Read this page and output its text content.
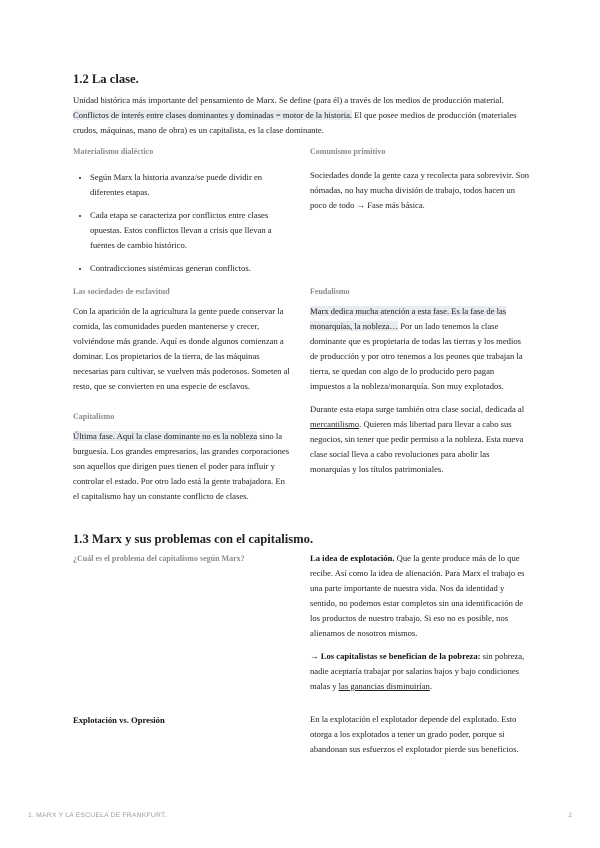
1.2 La clase.
Unidad histórica más importante del pensamiento de Marx. Se define (para él) a través de los medios de producción material. Conflictos de interés entre clases dominantes y dominadas = motor de la historia. El que posee medios de producción (materiales crudos, máquinas, mano de obra) es un capitalista, es la clase dominante.
Materialismo dialéctico
• Según Marx la historia avanza/se puede dividir en diferentes etapas.
• Cada etapa se caracteriza por conflictos entre clases opuestas. Estos conflictos llevan a crisis que llevan a fuentes de cambio histórico.
• Contradicciones sistémicas generan conflictos.
Comunismo primitivo
Sociedades donde la gente caza y recolecta para sobrevivir. Son nómadas, no hay mucha división de trabajo, todos hacen un poco de todo → Fase más básica.
Las sociedades de esclavitud
Con la aparición de la agricultura la gente puede conservar la comida, las comunidades pueden mantenerse y crecer, volviéndose más grande. Aquí es donde algunos comienzan a dominar. Los propietarios de la tierra, de las máquinas necesarias para cultivar, se vuelven más poderosos. Someten al resto, que se convierten en una especie de esclavos.
Feudalismo
Marx dedica mucha atención a esta fase. Es la fase de las monarquías, la nobleza… Por un lado tenemos la clase dominante que es propietaria de todas las tierras y los medios de producción y por otro tenemos a los peones que trabajan la tierra, se quedan con algo de lo producido pero pagan impuestos a la nobleza/monarquía. Son muy explotados.
Durante esta etapa surge también otra clase social, dedicada al mercantilismo. Quieren más libertad para llevar a cabo sus negocios, sin tener que pedir permiso a la nobleza. Esta nueva clase social lleva a cabo revoluciones para abolir las monarquías y los títulos patrimoniales.
Capitalismo
Última fase. Aquí la clase dominante no es la nobleza sino la burguesía. Los grandes empresarios, las grandes corporaciones son aquellos que dirigen pues tienen el poder para influir y controlar el estado. Por otro lado está la gente trabajadora. En el capitalismo hay un constante conflicto de clases.
1.3 Marx y sus problemas con el capitalismo.
¿Cuál es el problema del capitalismo según Marx?	La idea de explotación. Que la gente produce más de lo que recibe. Así como la idea de alienación. Para Marx el trabajo es una parte importante de nuestra vida. Nos da identidad y sentido, no podemos estar completos sin una identificación de los productos de nuestro trabajo. Si eso no es posible, nos alienamos de nosotros mismos.
→ Los capitalistas se benefician de la pobreza: sin pobreza, nadie aceptaría trabajar por salarios bajos y bajo condiciones malas y las ganancias disminuirían.
Explotación vs. Opresión	En la explotación el explotador depende del explotado. Esto otorga a los explotados a tener un grado poder, porque si abandonan sus esfuerzos el explotador pierde sus beneficios.
1. MARX Y LA ESCUELA DE FRANKFURT.	2
